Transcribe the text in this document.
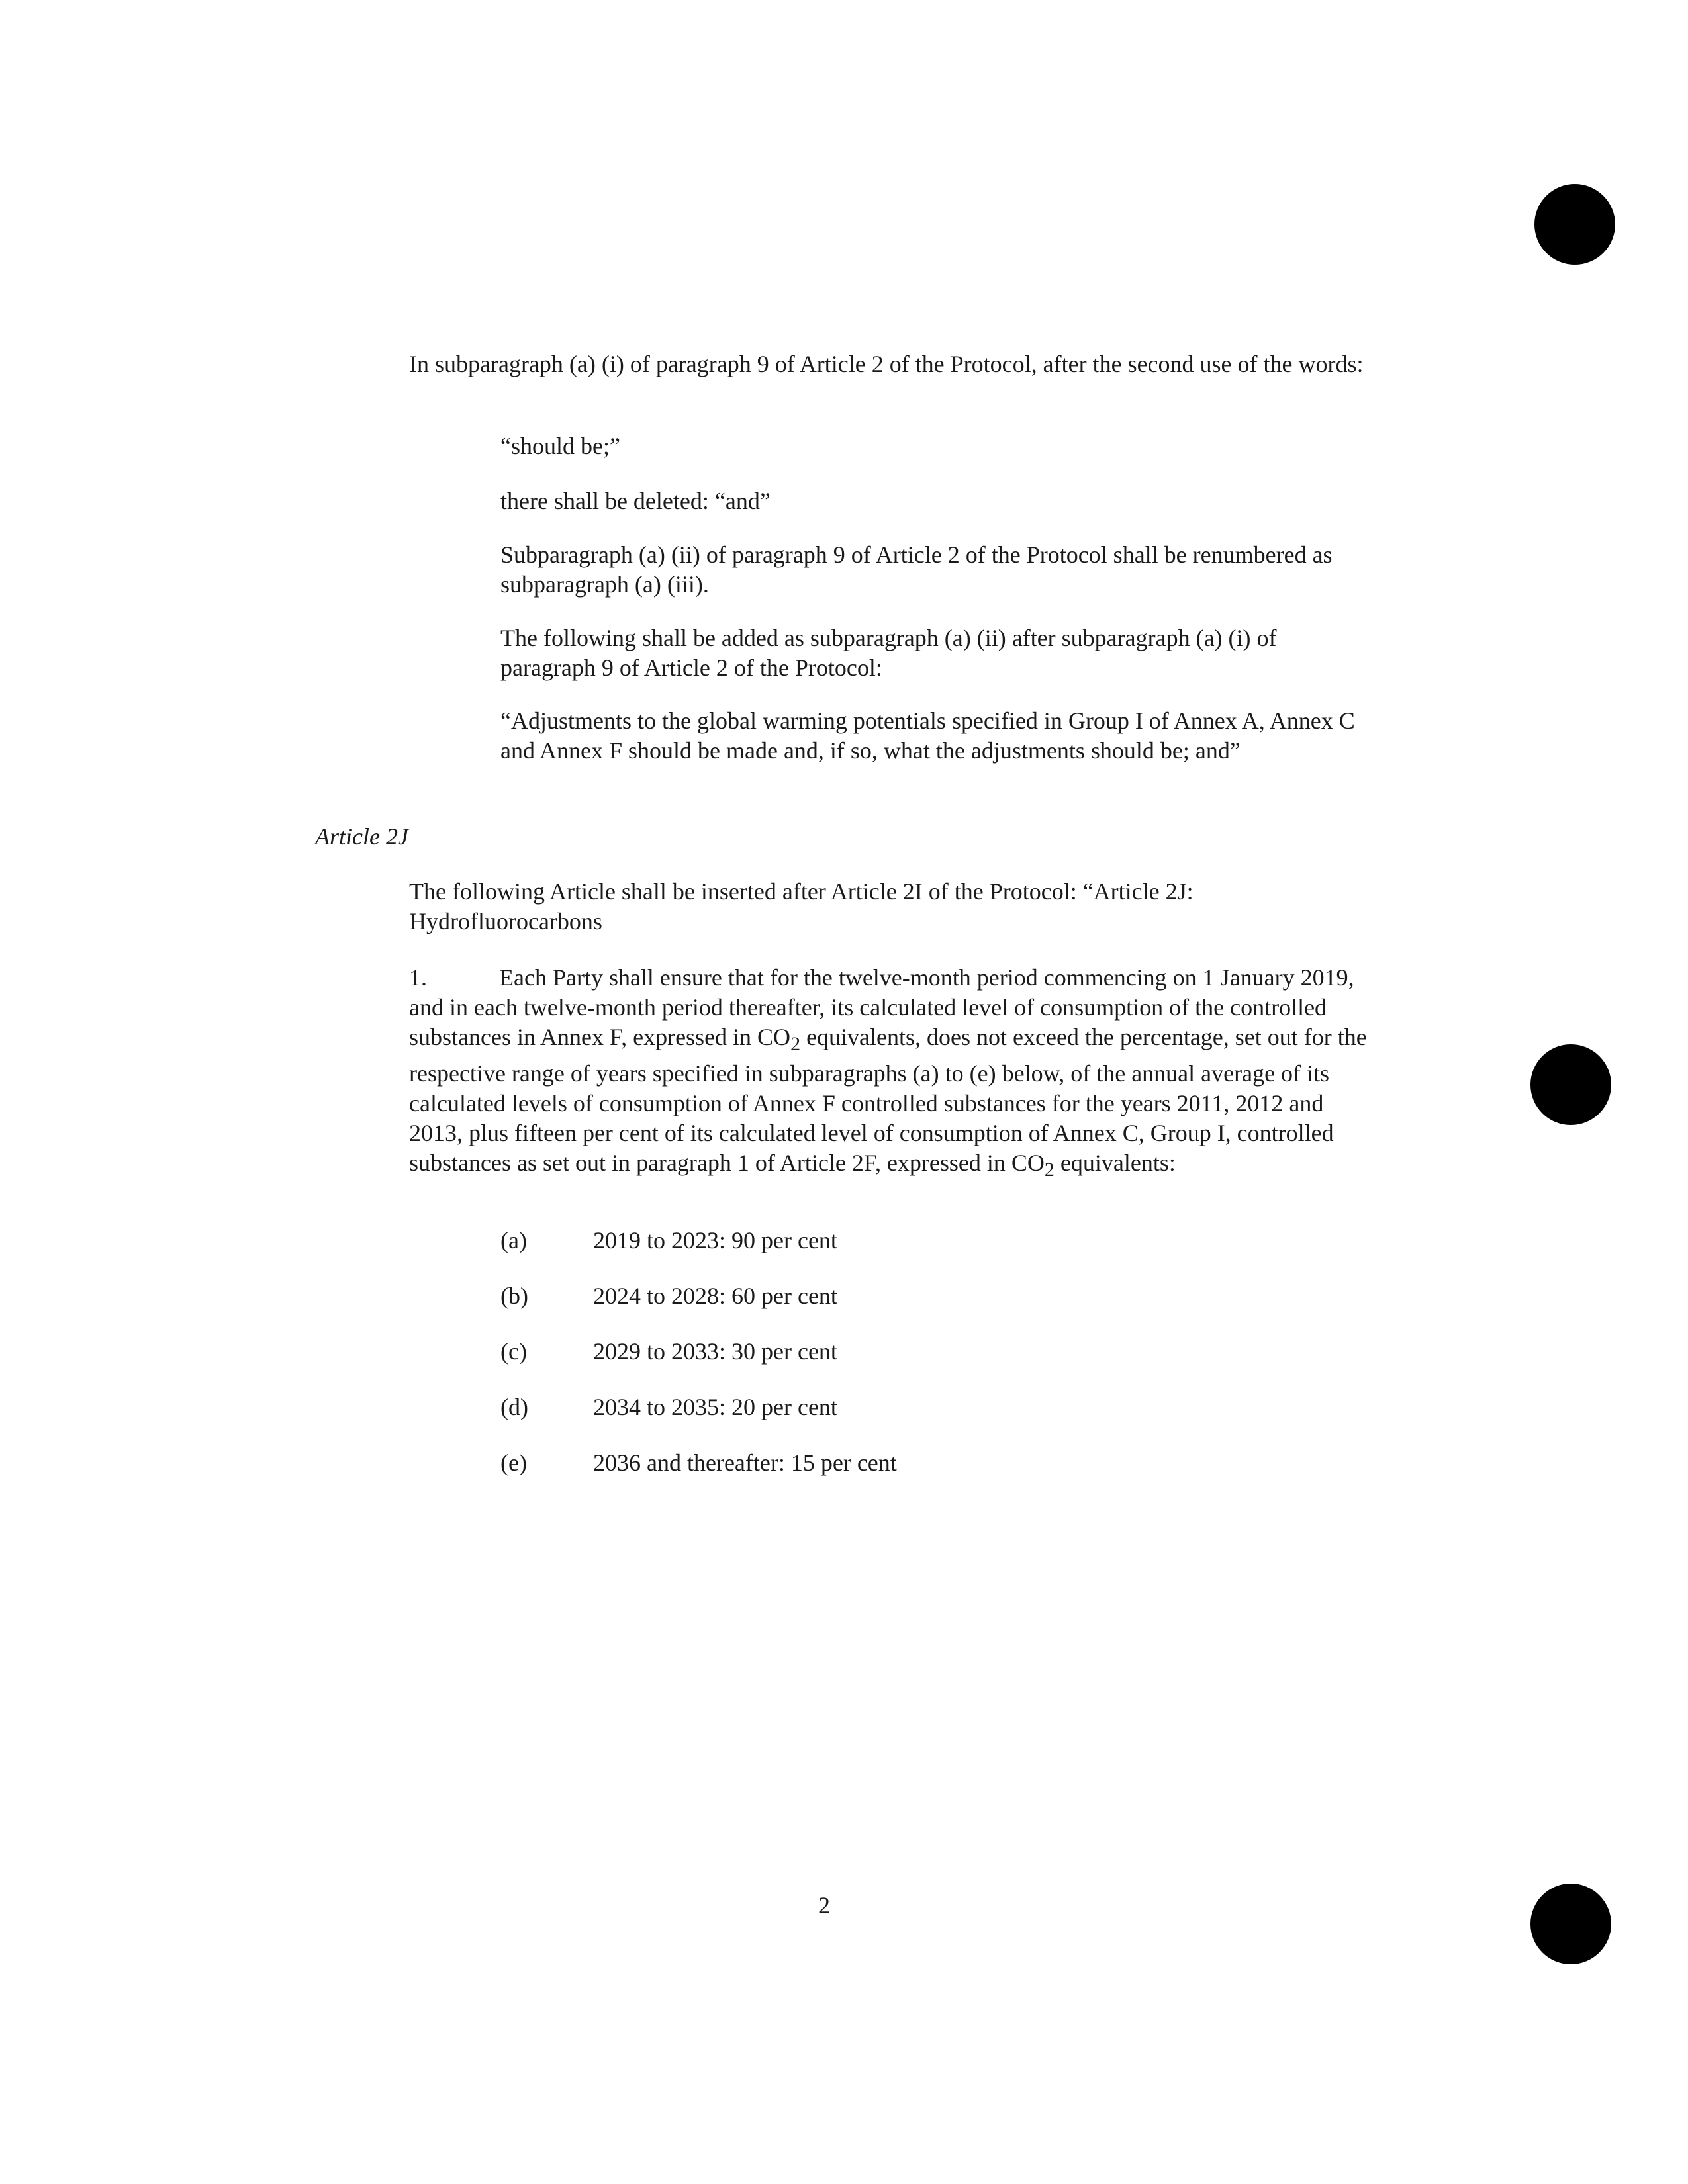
In subparagraph (a) (i) of paragraph 9 of Article 2 of the Protocol, after the second use of the words:

“should be;”

there shall be deleted: “and”

Subparagraph (a) (ii) of paragraph 9 of Article 2 of the Protocol shall be renumbered as subparagraph (a) (iii).

The following shall be added as subparagraph (a) (ii) after subparagraph (a) (i) of paragraph 9 of Article 2 of the Protocol:

“Adjustments to the global warming potentials specified in Group I of Annex A, Annex C and Annex F should be made and, if so, what the adjustments should be; and”

Article 2J

The following Article shall be inserted after Article 2I of the Protocol: “Article 2J: Hydrofluorocarbons

1.	Each Party shall ensure that for the twelve-month period commencing on 1 January 2019, and in each twelve-month period thereafter, its calculated level of consumption of the controlled substances in Annex F, expressed in $CO_2$ equivalents, does not exceed the percentage, set out for the respective range of years specified in subparagraphs (a) to (e) below, of the annual average of its calculated levels of consumption of Annex F controlled substances for the years 2011, 2012 and 2013, plus fifteen per cent of its calculated level of consumption of Annex C, Group I, controlled substances as set out in paragraph 1 of Article 2F, expressed in $CO_2$ equivalents:

(a)	2019 to 2023: 90 per cent
(b)	2024 to 2028: 60 per cent
(c)	2029 to 2033: 30 per cent
(d)	2034 to 2035: 20 per cent
(e)	2036 and thereafter: 15 per cent
2
